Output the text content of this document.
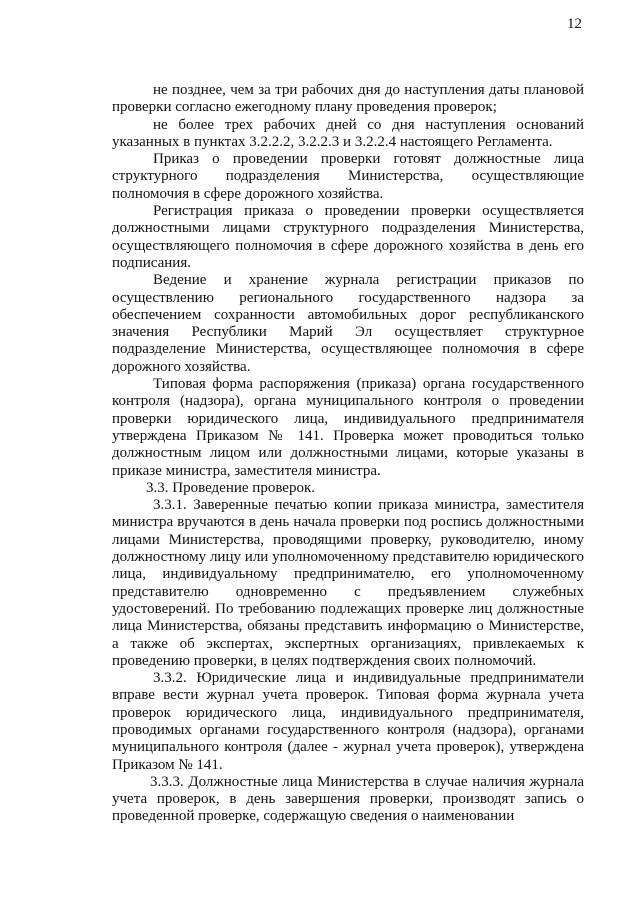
12

не позднее, чем за три рабочих дня до наступления даты плановой проверки согласно ежегодному плану проведения проверок;

не более трех рабочих дней со дня наступления оснований указанных в пунктах 3.2.2.2, 3.2.2.3 и 3.2.2.4 настоящего Регламента.

Приказ о проведении проверки готовят должностные лица структурного подразделения Министерства, осуществляющие полномочия в сфере дорожного хозяйства.

Регистрация приказа о проведении проверки осуществляется должностными лицами структурного подразделения Министерства, осуществляющего полномочия в сфере дорожного хозяйства в день его подписания.

Ведение и хранение журнала регистрации приказов по осуществлению регионального государственного надзора за обеспечением сохранности автомобильных дорог республиканского значения Республики Марий Эл осуществляет структурное подразделение Министерства, осуществляющее полномочия в сфере дорожного хозяйства.

Типовая форма распоряжения (приказа) органа государственного контроля (надзора), органа муниципального контроля о проведении проверки юридического лица, индивидуального предпринимателя утверждена Приказом № 141. Проверка может проводиться только должностным лицом или должностными лицами, которые указаны в приказе министра, заместителя министра.

3.3. Проведение проверок.

3.3.1. Заверенные печатью копии приказа министра, заместителя министра вручаются в день начала проверки под роспись должностными лицами Министерства, проводящими проверку, руководителю, иному должностному лицу или уполномоченному представителю юридического лица, индивидуальному предпринимателю, его уполномоченному представителю одновременно с предъявлением служебных удостоверений. По требованию подлежащих проверке лиц должностные лица Министерства, обязаны представить информацию о Министерстве, а также об экспертах, экспертных организациях, привлекаемых к проведению проверки, в целях подтверждения своих полномочий.

3.3.2. Юридические лица и индивидуальные предприниматели вправе вести журнал учета проверок. Типовая форма журнала учета проверок юридического лица, индивидуального предпринимателя, проводимых органами государственного контроля (надзора), органами муниципального контроля (далее - журнал учета проверок), утверждена Приказом № 141.

3.3.3. Должностные лица Министерства в случае наличия журнала учета проверок, в день завершения проверки, производят запись о проведенной проверке, содержащую сведения о наименовании
